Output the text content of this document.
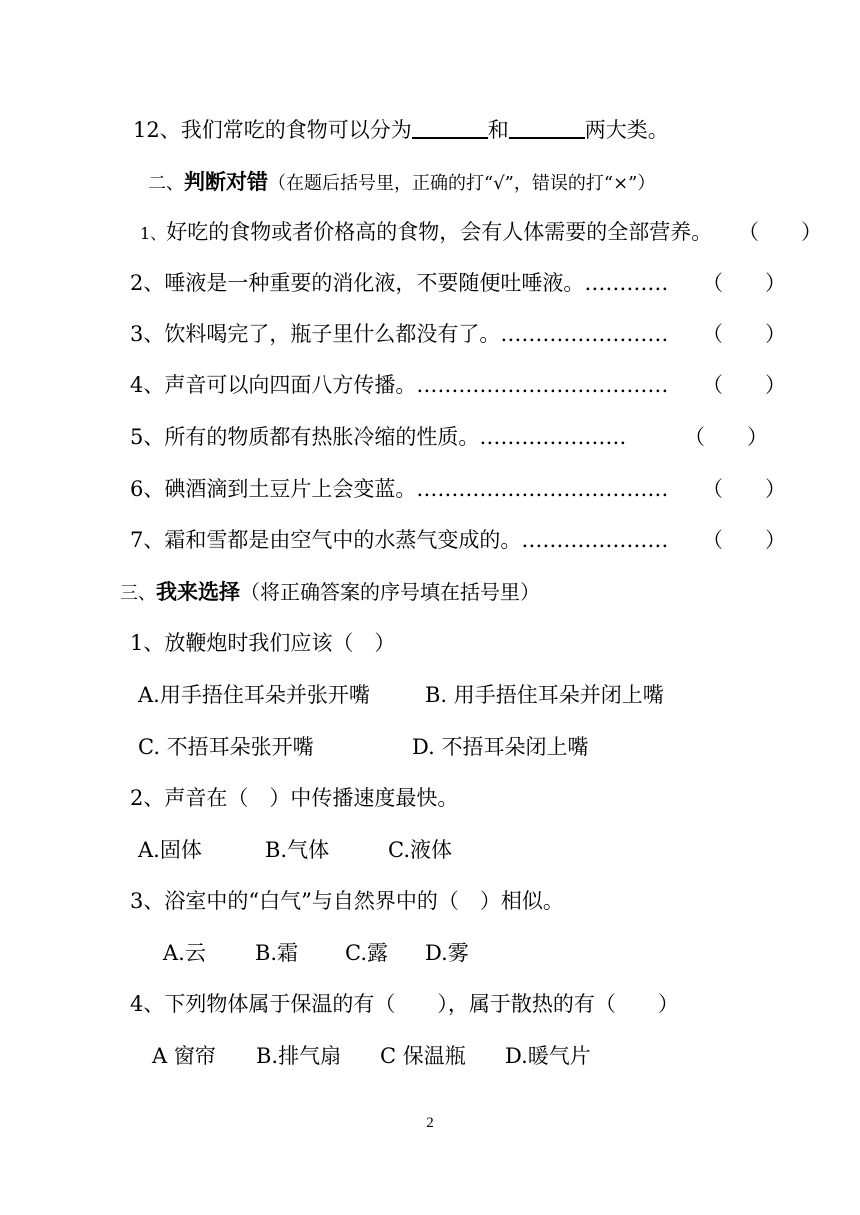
12、我们常吃的食物可以分为	和	两大类。
二、判断对错（在题后括号里，正确的打“√”，错误的打“×”）
1、好吃的食物或者价格高的食物，会有人体需要的全部营养。 （　　）
2、唾液是一种重要的消化液，不要随便吐唾液。………… （　　）
3、饮料喝完了，瓶子里什么都没有了。…………………… （　　）
4、声音可以向四面八方传播。……………………………… （　　）
5、所有的物质都有热胀冷缩的性质。…………………	（　　）
6、碘酒滴到土豆片上会变蓝。……………………………… （　　）
7、霜和雪都是由空气中的水蒸气变成的。………………… （　　）
三、我来选择（将正确答案的序号填在括号里）
1、放鞭炮时我们应该（　）
A.用手捂住耳朵并张开嘴	B. 用手捂住耳朵并闭上嘴
C. 不捂耳朵张开嘴	D. 不捂耳朵闭上嘴
2、声音在（　）中传播速度最快。
A.固体	B.气体	C.液体
3、浴室中的“白气”与自然界中的（　）相似。
A.云 B.霜 C.露 D.雾
4、下列物体属于保温的有（　　），属于散热的有（　　）
A 窗帘 B.排气扇 C 保温瓶 D.暖气片
2
